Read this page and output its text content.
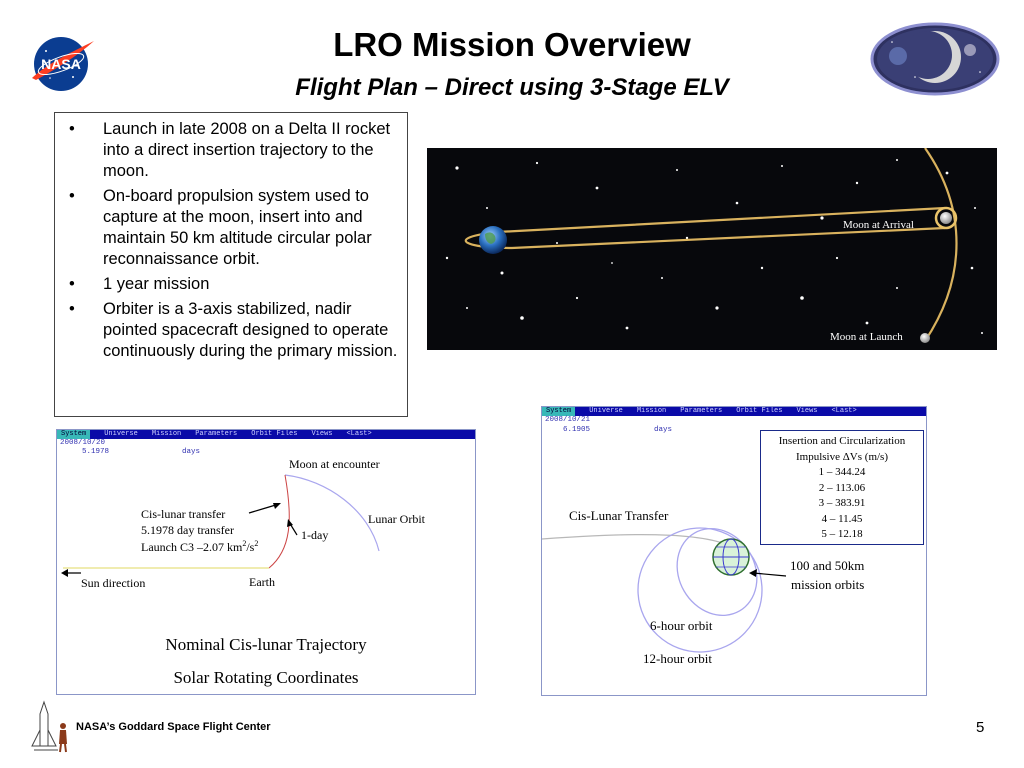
NASA
LRO Mission Overview
Flight Plan – Direct using 3-Stage ELV
• Launch in late 2008 on a Delta II rocket into a direct insertion trajectory to the moon.
• On-board propulsion system used to capture at the moon, insert into and maintain 50 km altitude circular polar reconnaissance orbit.
• 1 year mission
• Orbiter is a 3-axis stabilized, nadir pointed spacecraft designed to operate continuously during the primary mission.
Moon at Arrival
Moon at Launch
System	Universe Mission Parameters Orbit Files Views <Last>
2008/10/20
5.1978	days
Moon at encounter
Cis-lunar transfer
5.1978 day transfer
Launch C3 –2.07 $km^2/s^2$
1-day
Lunar Orbit
Sun direction	Earth
Nominal Cis-lunar Trajectory
Solar Rotating Coordinates
System	Universe Mission Parameters Orbit Files Views <Last>
2008/10/21
6.1905	days
Insertion and Circularization
Impulsive ΔVs (m/s)
1 – 344.24
2 – 113.06
3 – 383.91
4 – 11.45
5 – 12.18
Cis-Lunar Transfer
100 and 50km
mission orbits
6-hour orbit
12-hour orbit
NASA’s Goddard Space Flight Center	5
